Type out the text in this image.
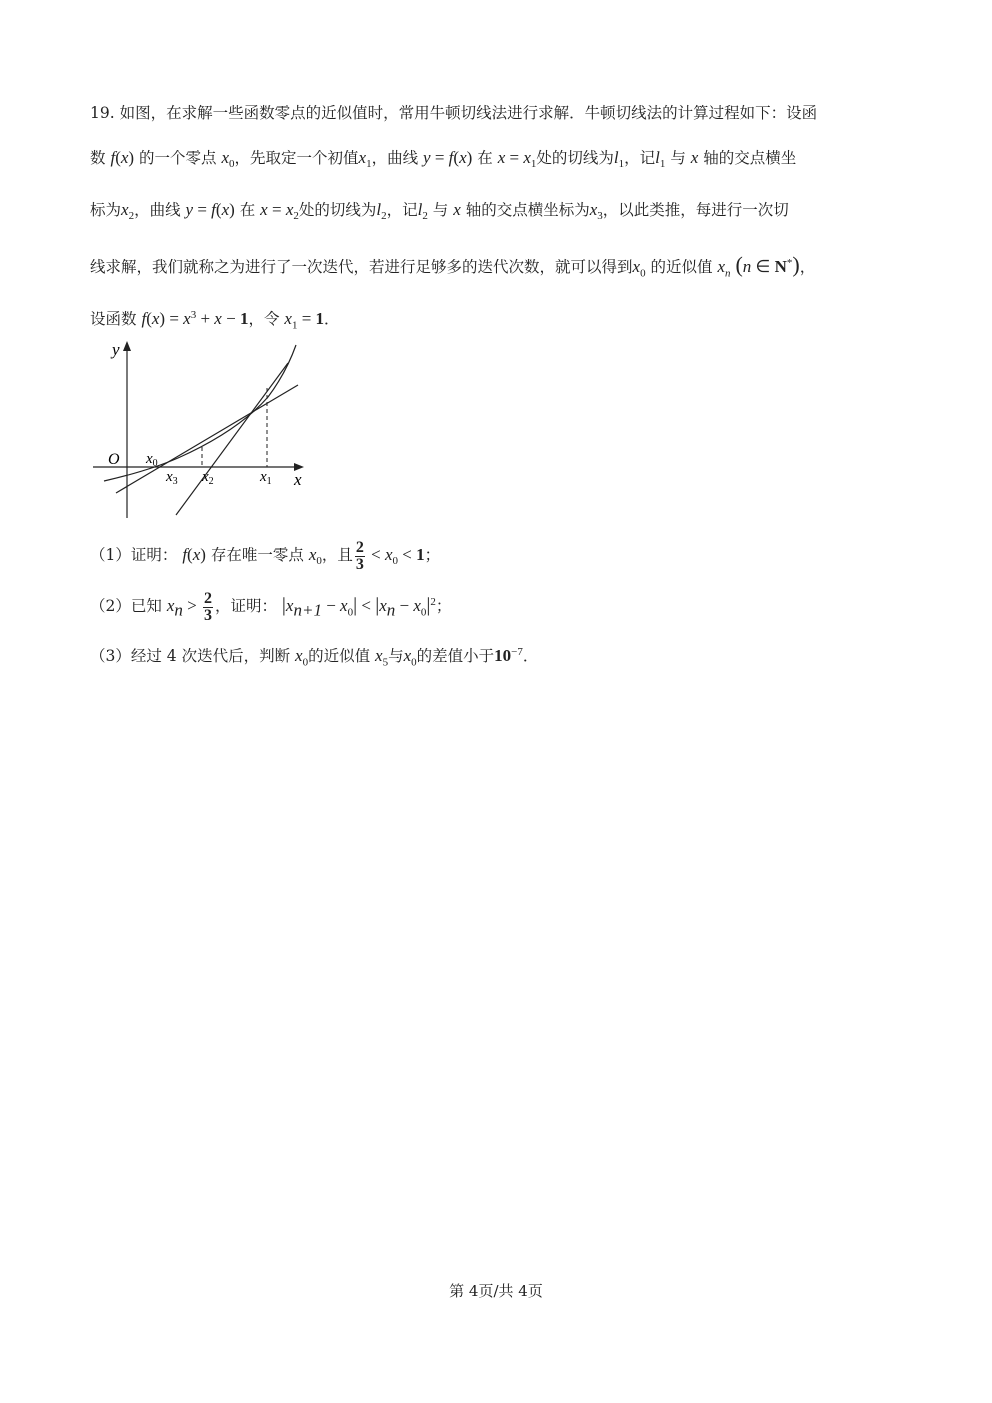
19. 如图，在求解一些函数零点的近似值时，常用牛顿切线法进行求解．牛顿切线法的计算过程如下：设函
数 f(x) 的一个零点 $x_0$，先取定一个初值$x_1$，曲线 y = f(x) 在 $x = x_1$处的切线为$l_1$，记$l_1$ 与 x 轴的交点横坐
标为$x_2$，曲线 y = f(x) 在 $x = x_2$处的切线为$l_2$，记$l_2$ 与 x 轴的交点横坐标为$x_3$，以此类推，每进行一次切
线求解，我们就称之为进行了一次迭代，若进行足够多的迭代次数，就可以得到$x_0$ 的近似值 $x_n$ (n ∈ N*)，
设函数 $f(x) = x^3 + x - 1$，令 $x_1 = 1$．
y
O
x
$x_0$
$x_3$ $x_2$	$x_1$
（1）证明： f(x) 存在唯一零点 $x_0$，且 $\frac{2}{3} < x_0 < 1$；
（2）已知 $x_n > \frac{2}{3}$ ，证明： $|x_{n+1} - x_0| < |x_n - x_0|^2$；
（3）经过 4 次迭代后，判断 $x_0$的近似值 $x_5$与$x_0$的差值小于$10^{-7}$．
第 4页/共 4页
